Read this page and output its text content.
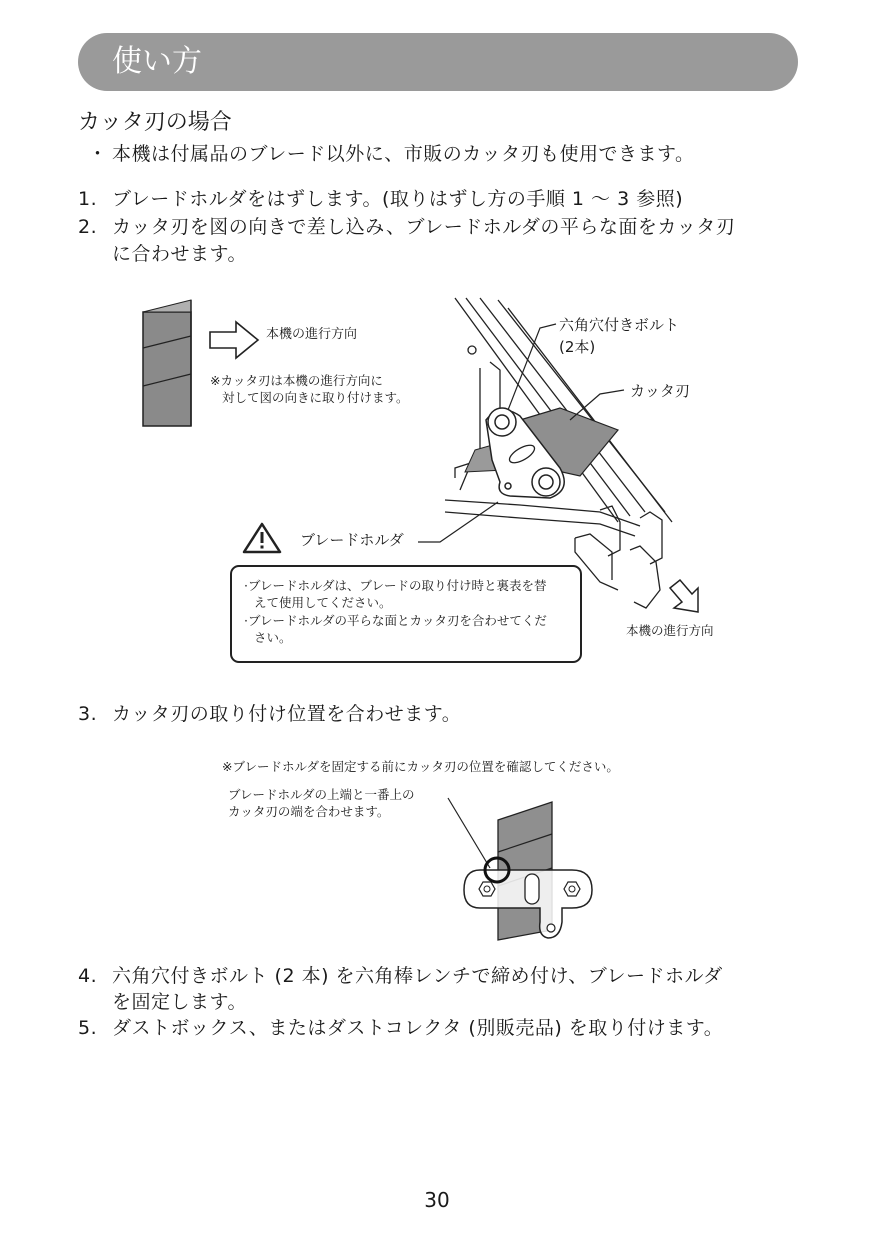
使い方
カッタ刃の場合
・ 本機は付属品のブレード以外に、市販のカッタ刃も使用できます。
1. ブレードホルダをはずします。(取りはずし方の手順 1 ～ 3 参照)
2. カッタ刃を図の向きで差し込み、ブレードホルダの平らな面をカッタ刃
に合わせます。
本機の進行方向
※カッタ刃は本機の進行方向に
対して図の向きに取り付けます。
六角穴付きボルト
(2本)
カッタ刃
ブレードホルダ
本機の進行方向
·ブレードホルダは、ブレードの取り付け時と裏表を替
えて使用してください。
·ブレードホルダの平らな面とカッタ刃を合わせてくだ
さい。
3. カッタ刃の取り付け位置を合わせます。
※ブレードホルダを固定する前にカッタ刃の位置を確認してください。
ブレードホルダの上端と一番上の
カッタ刃の端を合わせます。
4. 六角穴付きボルト (2 本) を六角棒レンチで締め付け、ブレードホルダ
を固定します。
5. ダストボックス、またはダストコレクタ (別販売品) を取り付けます。
30
